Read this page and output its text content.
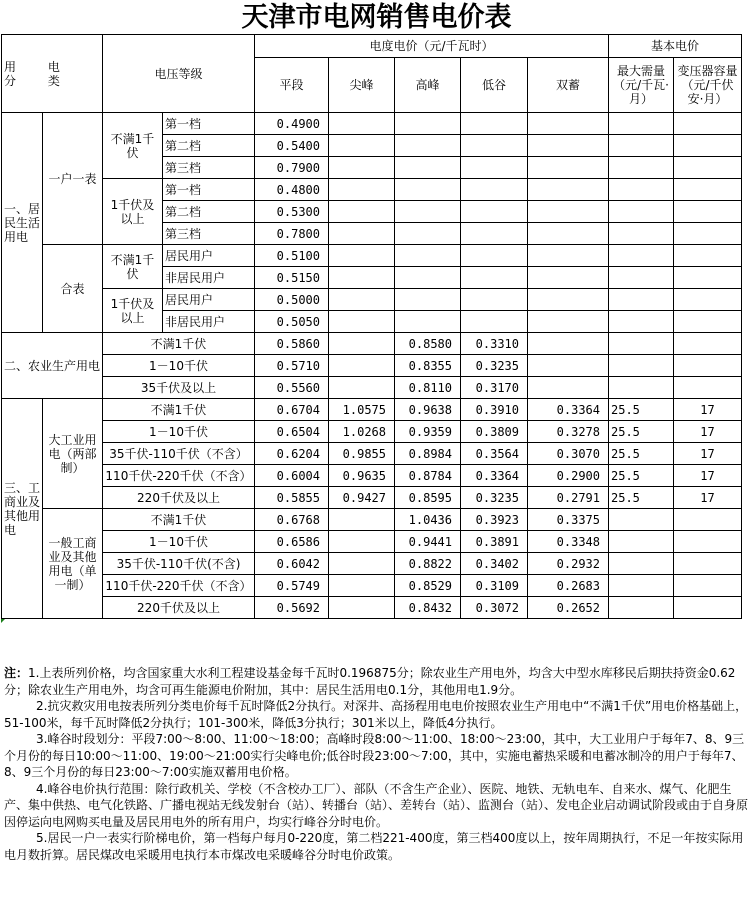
天津市电网销售电价表
用 电 分 类		电压等级		电度电价（元/千瓦时）					基本电价	
				平段	尖峰	高峰	低谷	双蓄	最大需量（元/千瓦·月）	变压器容量（元/千伏安·月）
一、居民生活用电	一户一表	不满1千伏	第一档	0.4900						
			第二档	0.5400						
			第三档	0.7900						
		1千伏及以上	第一档	0.4800						
			第二档	0.5300						
			第三档	0.7800						
	合表	不满1千伏	居民用户	0.5100						
			非居民用户	0.5150						
		1千伏及以上	居民用户	0.5000						
			非居民用户	0.5050						
二、农业生产用电		不满1千伏		0.5860		0.8580	0.3310			
		1－10千伏		0.5710		0.8355	0.3235			
		35千伏及以上		0.5560		0.8110	0.3170			
三、工商业及其他用电	大工业用电（两部制）	不满1千伏		0.6704	1.0575	0.9638	0.3910	0.3364	25.5	17
		1－10千伏		0.6504	1.0268	0.9359	0.3809	0.3278	25.5	17
		35千伏-110千伏（不含）		0.6204	0.9855	0.8984	0.3564	0.3070	25.5	17
		110千伏-220千伏（不含）		0.6004	0.9635	0.8784	0.3364	0.2900	25.5	17
		220千伏及以上		0.5855	0.9427	0.8595	0.3235	0.2791	25.5	17
	一般工商业及其他用电（单一制）	不满1千伏		0.6768		1.0436	0.3923	0.3375		
		1－10千伏		0.6586		0.9441	0.3891	0.3348		
		35千伏-110千伏(不含)		0.6042		0.8822	0.3402	0.2932		
		110千伏-220千伏（不含）		0.5749		0.8529	0.3109	0.2683		
		220千伏及以上		0.5692		0.8432	0.3072	0.2652		

注：1.上表所列价格，均含国家重大水利工程建设基金每千瓦时0.196875分；除农业生产用电外，均含大中型水库移民后期扶持资金0.62分；除农业生产用电外，均含可再生能源电价附加，其中：居民生活用电0.1分，其他用电1.9分。

2.抗灾救灾用电按表所列分类电价每千瓦时降低2分执行。对深井、高扬程用电电价按照农业生产用电中“不满1千伏”用电价格基础上，51-100米，每千瓦时降低2分执行；101-300米，降低3分执行；301米以上，降低4分执行。

3.峰谷时段划分：平段7:00～8:00、11:00～18:00；高峰时段8:00～11:00、18:00～23:00，其中，大工业用户于每年7、8、9三个月份的每日10:00～11:00、19:00～21:00实行尖峰电价;低谷时段23:00～7:00，其中，实施电蓄热采暖和电蓄冰制冷的用户于每年7、8、9三个月份的每日23:00～7:00实施双蓄用电价格。

4.峰谷电价执行范围：除行政机关、学校（不含校办工厂）、部队（不含生产企业）、医院、地铁、无轨电车、自来水、煤气、化肥生产、集中供热、电气化铁路、广播电视站无线发射台（站）、转播台（站）、差转台（站）、监测台（站）、发电企业启动调试阶段或由于自身原因停运向电网购买电量及居民用电外的所有用户，均实行峰谷分时电价。

5.居民一户一表实行阶梯电价，第一档每户每月0-220度，第二档221-400度，第三档400度以上，按年周期执行，不足一年按实际用电月数折算。居民煤改电采暖用电执行本市煤改电采暖峰谷分时电价政策。
